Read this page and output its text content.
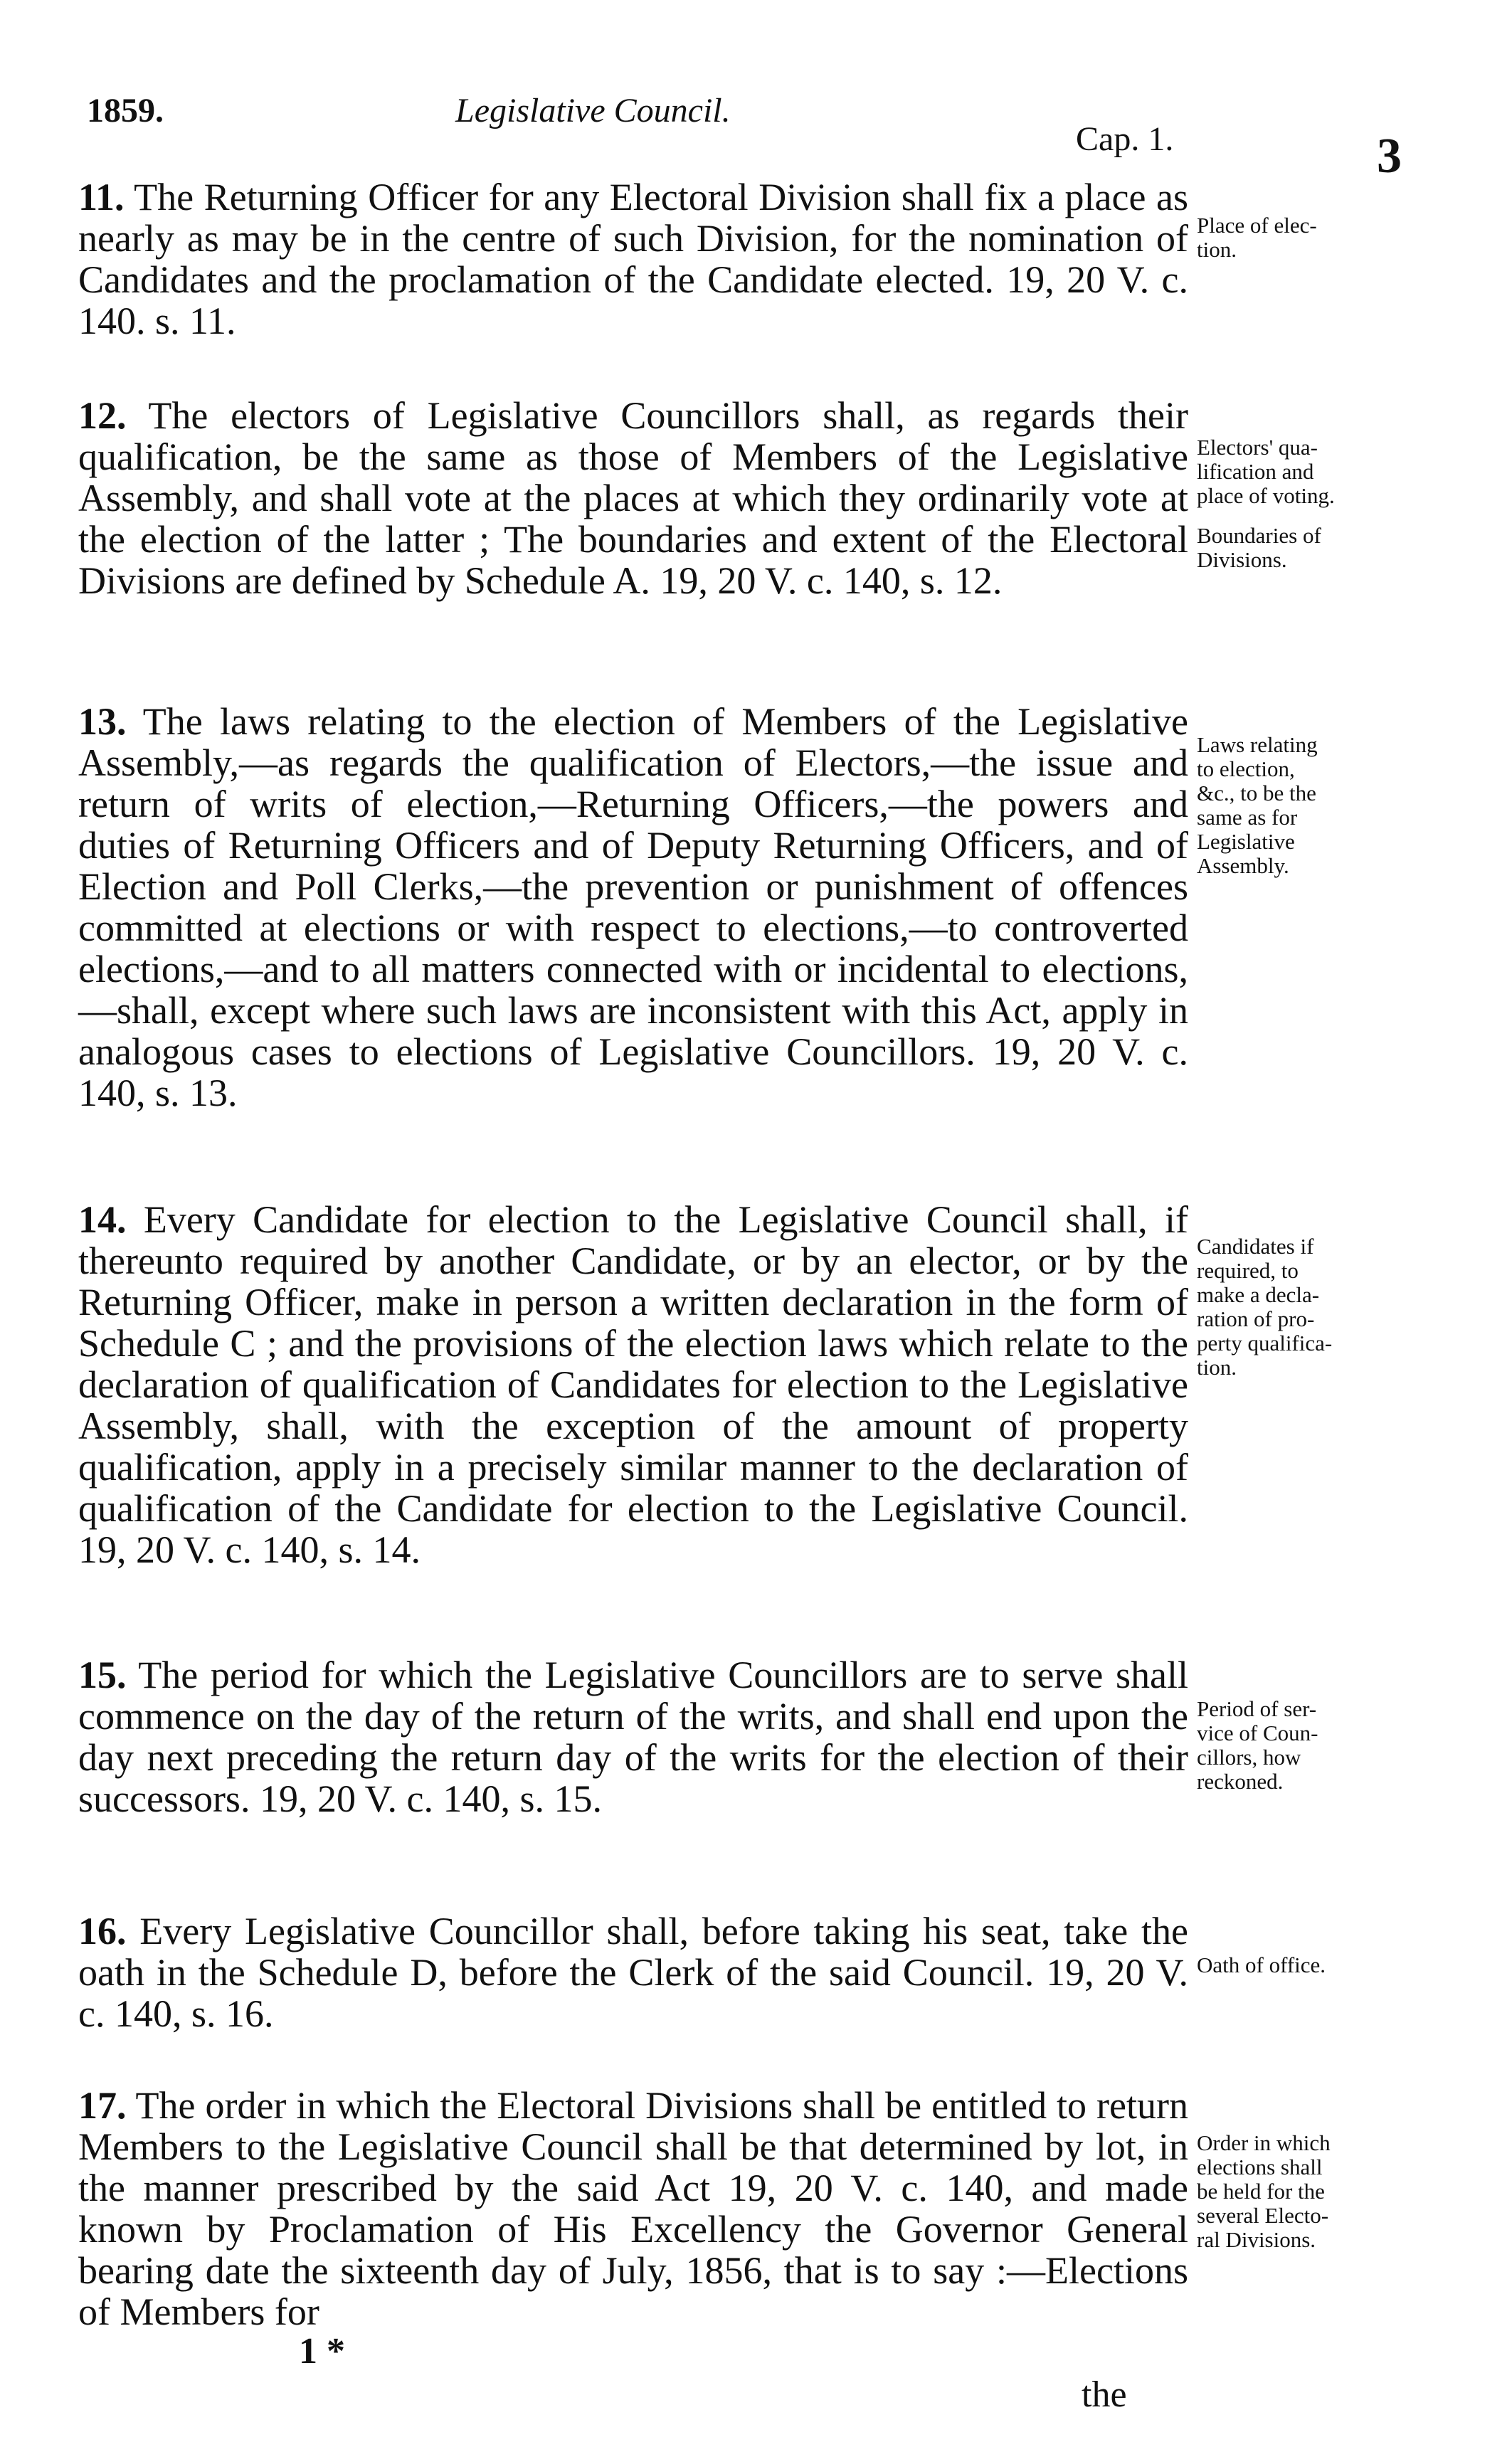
1859.	Legislative Council.
Cap. 1.	3
11. The Returning Officer for any Electoral Division shall fix a place as nearly as may be in the centre of such Division, for the nomination of Candidates and the proclamation of the Candidate elected. 19, 20 V. c. 140. s. 11.
Place of elec-
tion.
12. The electors of Legislative Councillors shall, as regards their qualification, be the same as those of Members of the Legislative Assembly, and shall vote at the places at which they ordinarily vote at the election of the latter ; The boundaries and extent of the Electoral Divisions are defined by Schedule A. 19, 20 V. c. 140, s. 12.
Electors' qua-
lification and
place of voting.
Boundaries of
Divisions.
13. The laws relating to the election of Members of the Legislative Assembly,—as regards the qualification of Electors,—the issue and return of writs of election,—Returning Officers,—the powers and duties of Returning Officers and of Deputy Returning Officers, and of Election and Poll Clerks,—the prevention or punishment of offences committed at elections or with respect to elections,—to controverted elections,—and to all matters connected with or incidental to elections,—shall, except where such laws are inconsistent with this Act, apply in analogous cases to elections of Legislative Councillors. 19, 20 V. c. 140, s. 13.
Laws relating
to election,
&c., to be the
same as for
Legislative
Assembly.
14. Every Candidate for election to the Legislative Council shall, if thereunto required by another Candidate, or by an elector, or by the Returning Officer, make in person a written declaration in the form of Schedule C ; and the provisions of the election laws which relate to the declaration of qualification of Candidates for election to the Legislative Assembly, shall, with the exception of the amount of property qualification, apply in a precisely similar manner to the declaration of qualification of the Candidate for election to the Legislative Council. 19, 20 V. c. 140, s. 14.
Candidates if
required, to
make a decla-
ration of pro-
perty qualifica-
tion.
15. The period for which the Legislative Councillors are to serve shall commence on the day of the return of the writs, and shall end upon the day next preceding the return day of the writs for the election of their successors. 19, 20 V. c. 140, s. 15.
Period of ser-
vice of Coun-
cillors, how
reckoned.
16. Every Legislative Councillor shall, before taking his seat, take the oath in the Schedule D, before the Clerk of the said Council. 19, 20 V. c. 140, s. 16.
Oath of office.
17. The order in which the Electoral Divisions shall be entitled to return Members to the Legislative Council shall be that determined by lot, in the manner prescribed by the said Act 19, 20 V. c. 140, and made known by Proclamation of His Excellency the Governor General bearing date the sixteenth day of July, 1856, that is to say :—Elections of Members for
Order in which
elections shall
be held for the
several Electo-
ral Divisions.
1 *
the
